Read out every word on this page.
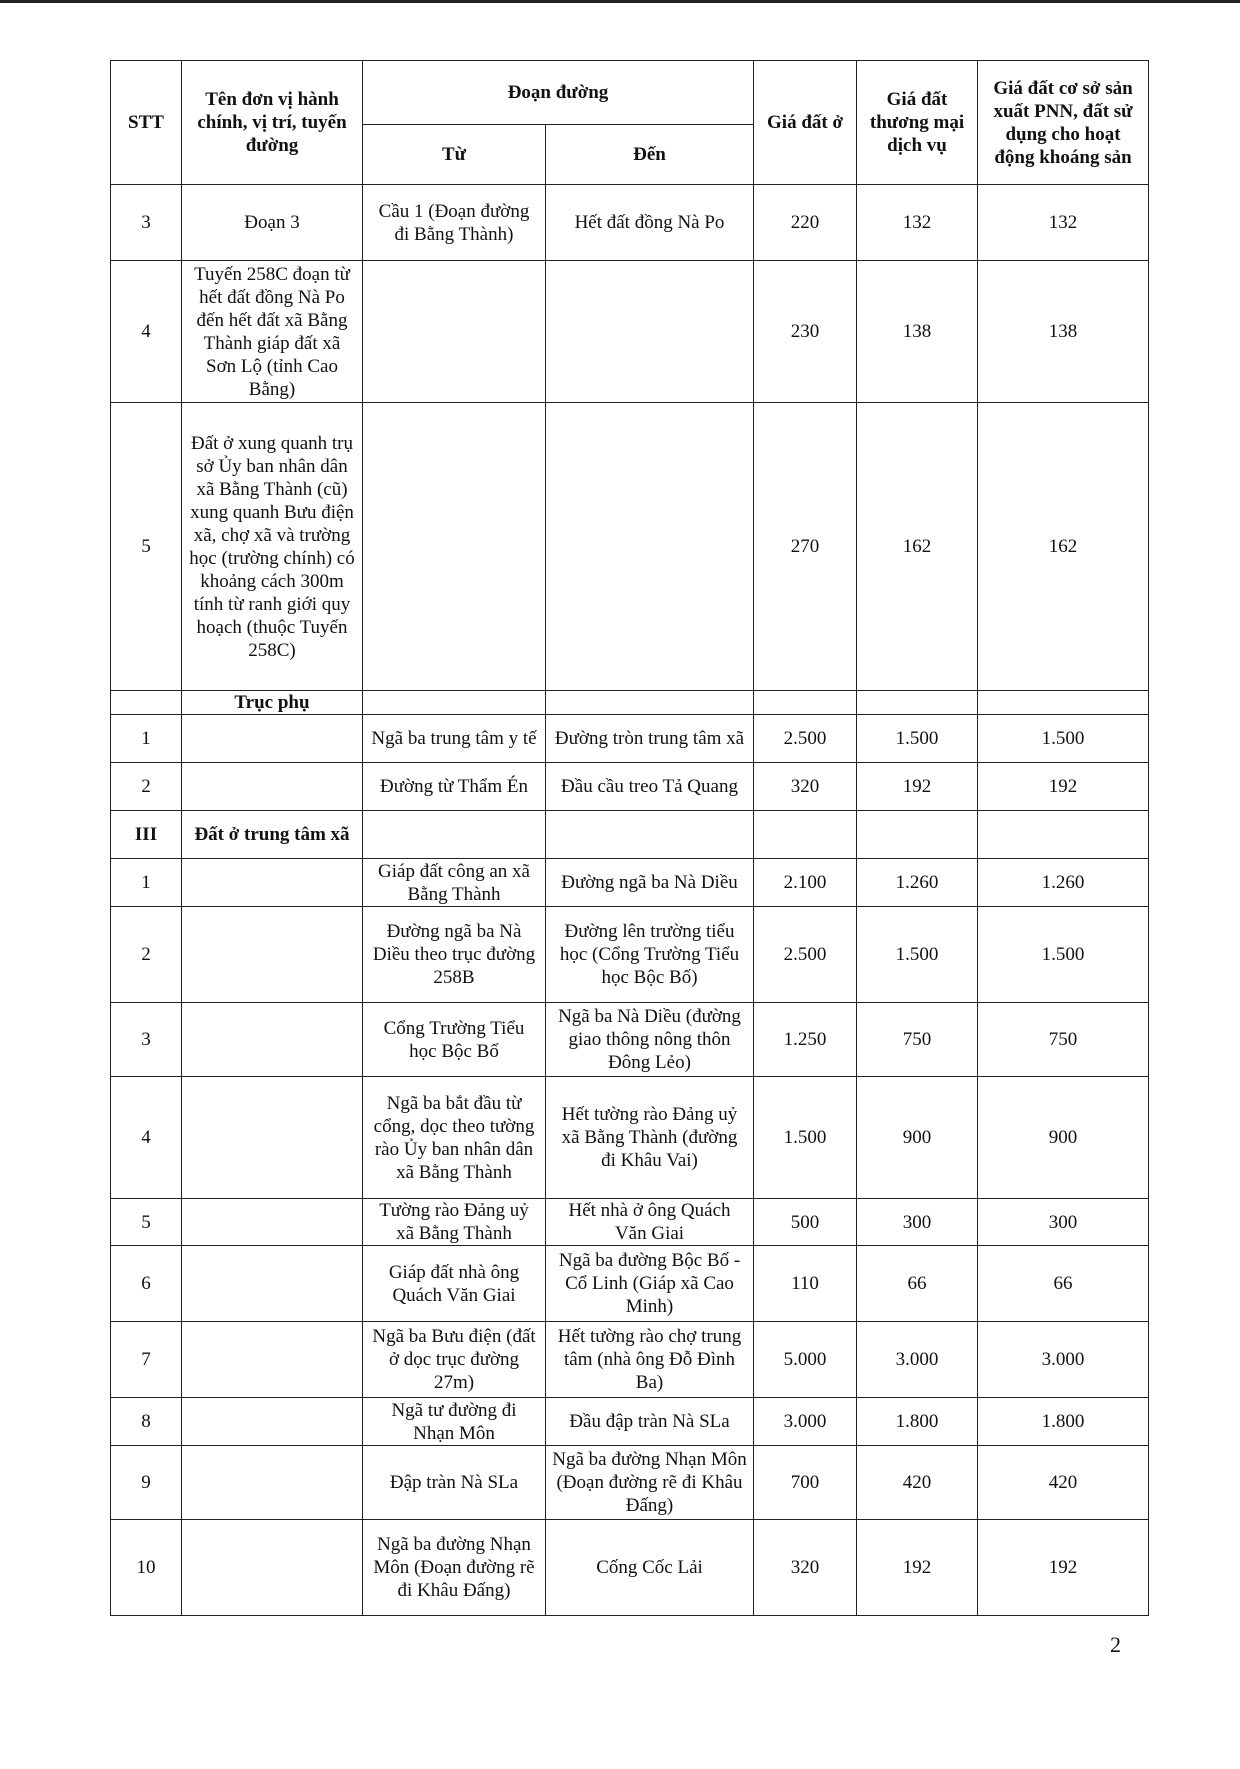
STT	Tên đơn vị hành chính, vị trí, tuyến đường	Đoạn đường		Giá đất ở	Giá đất thương mại dịch vụ	Giá đất cơ sở sản xuất PNN, đất sử dụng cho hoạt động khoáng sản
		Từ	Đến			
3	Đoạn 3	Cầu 1 (Đoạn đường đi Bằng Thành)	Hết đất đồng Nà Po	220	132	132
4	Tuyến 258C đoạn từ hết đất đồng Nà Po đến hết đất xã Bằng Thành giáp đất xã Sơn Lộ (tỉnh Cao Bằng)			230	138	138
5	Đất ở xung quanh trụ sở Ủy ban nhân dân xã Bằng Thành (cũ) xung quanh Bưu điện xã, chợ xã và trường học (trường chính) có khoảng cách 300m tính từ ranh giới quy hoạch (thuộc Tuyến 258C)			270	162	162
	Trục phụ					
1		Ngã ba trung tâm y tế	Đường tròn trung tâm xã	2.500	1.500	1.500
2		Đường từ Thẩm Én	Đầu cầu treo Tả Quang	320	192	192
III	Đất ở trung tâm xã					
1		Giáp đất công an xã Bằng Thành	Đường ngã ba Nà Diều	2.100	1.260	1.260
2		Đường ngã ba Nà Diều theo trục đường 258B	Đường lên trường tiểu học (Cổng Trường Tiểu học Bộc Bố)	2.500	1.500	1.500
3		Cổng Trường Tiểu học Bộc Bố	Ngã ba Nà Diều (đường giao thông nông thôn Đông Lẻo)	1.250	750	750
4		Ngã ba bắt đầu từ cổng, dọc theo tường rào Ủy ban nhân dân xã Bằng Thành	Hết tường rào Đảng uỷ xã Bằng Thành (đường đi Khâu Vai)	1.500	900	900
5		Tường rào Đảng uỷ xã Bằng Thành	Hết nhà ở ông Quách Văn Giai	500	300	300
6		Giáp đất nhà ông Quách Văn Giai	Ngã ba đường Bộc Bố - Cổ Linh (Giáp xã Cao Minh)	110	66	66
7		Ngã ba Bưu điện (đất ở dọc trục đường 27m)	Hết tường rào chợ trung tâm (nhà ông Đỗ Đình Ba)	5.000	3.000	3.000
8		Ngã tư đường đi Nhạn Môn	Đầu đập tràn Nà SLa	3.000	1.800	1.800
9		Đập tràn Nà SLa	Ngã ba đường Nhạn Môn (Đoạn đường rẽ đi Khâu Đấng)	700	420	420
10		Ngã ba đường Nhạn Môn (Đoạn đường rẽ đi Khâu Đấng)	Cống Cốc Lải	320	192	192
2
